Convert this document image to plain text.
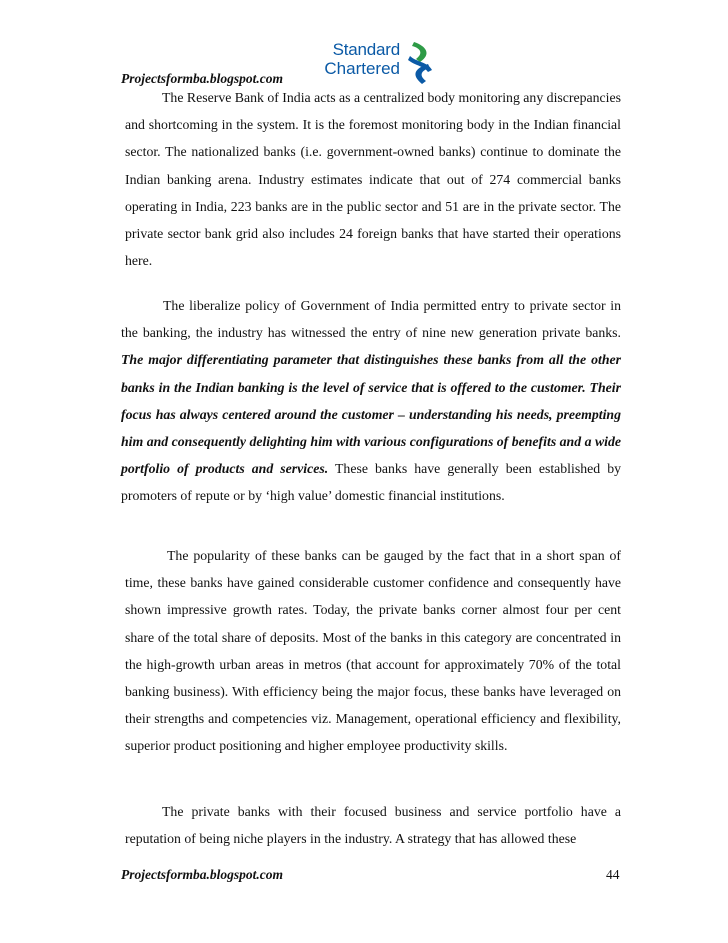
Projectsformba.blogspot.com
Standard
Chartered
The Reserve Bank of India acts as a centralized body monitoring any discrepancies and shortcoming in the system. It is the foremost monitoring body in the Indian financial sector. The nationalized banks (i.e. government-owned banks) continue to dominate the Indian banking arena. Industry estimates indicate that out of 274 commercial banks operating in India, 223 banks are in the public sector and 51 are in the private sector. The private sector bank grid also includes 24 foreign banks that have started their operations here.
The liberalize policy of Government of India permitted entry to private sector in the banking, the industry has witnessed the entry of nine new generation private banks. The major differentiating parameter that distinguishes these banks from all the other banks in the Indian banking is the level of service that is offered to the customer. Their focus has always centered around the customer – understanding his needs, preempting him and consequently delighting him with various configurations of benefits and a wide portfolio of products and services. These banks have generally been established by promoters of repute or by ‘high value’ domestic financial institutions.
The popularity of these banks can be gauged by the fact that in a short span of time, these banks have gained considerable customer confidence and consequently have shown impressive growth rates. Today, the private banks corner almost four per cent share of the total share of deposits. Most of the banks in this category are concentrated in the high-growth urban areas in metros (that account for approximately 70% of the total banking business). With efficiency being the major focus, these banks have leveraged on their strengths and competencies viz. Management, operational efficiency and flexibility, superior product positioning and higher employee productivity skills.
The private banks with their focused business and service portfolio have a reputation of being niche players in the industry. A strategy that has allowed these
Projectsformba.blogspot.com	44
